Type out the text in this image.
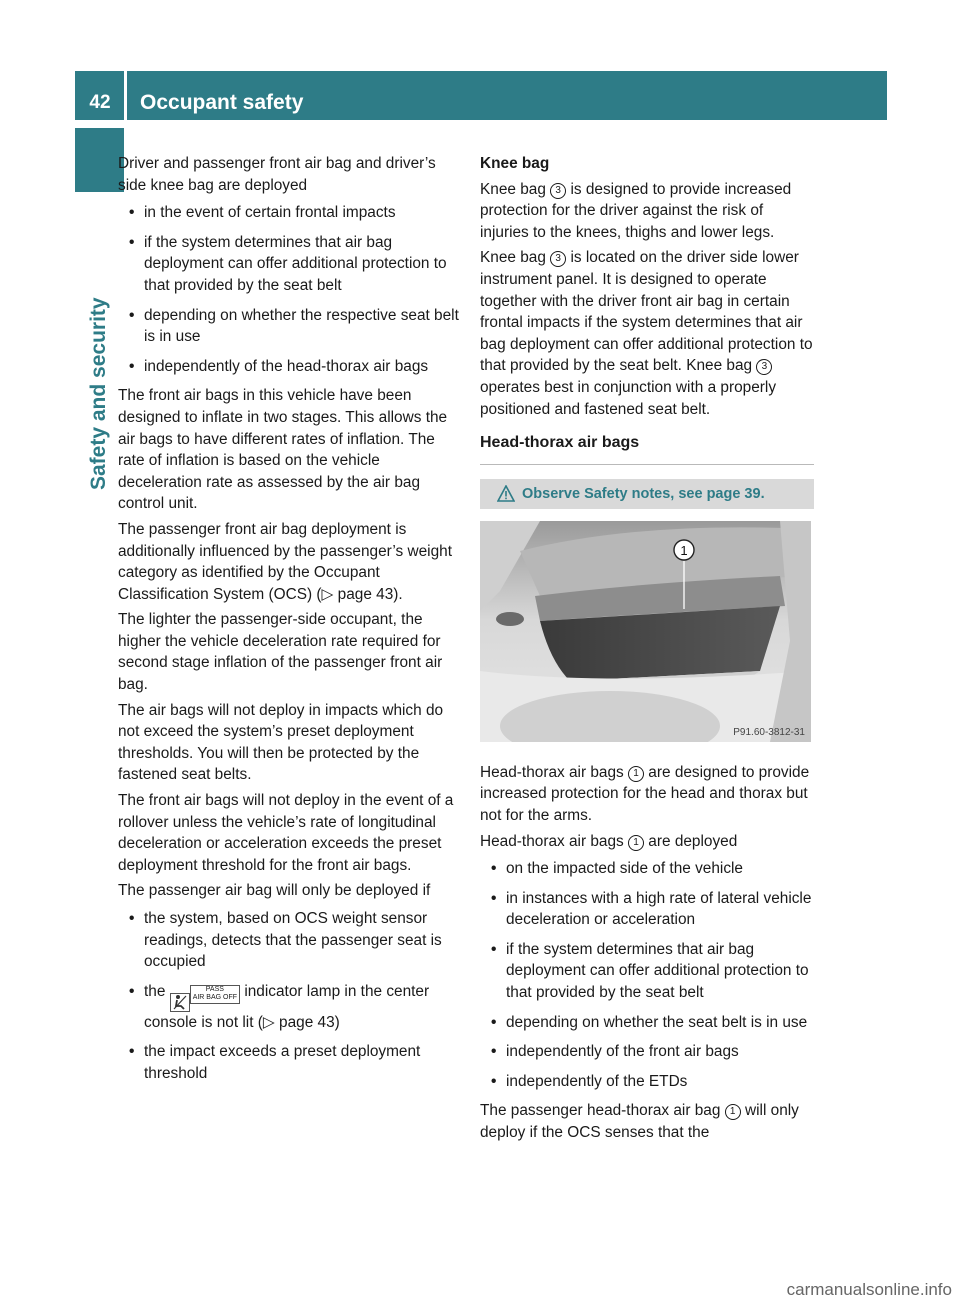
42	Occupant safety
Safety and security

Driver and passenger front air bag and driver’s side knee bag are deployed

• in the event of certain frontal impacts
• if the system determines that air bag deployment can offer additional protection to that provided by the seat belt
• depending on whether the respective seat belt is in use
• independently of the head-thorax air bags

The front air bags in this vehicle have been designed to inflate in two stages. This allows the air bags to have different rates of inflation. The rate of inflation is based on the vehicle deceleration rate as assessed by the air bag control unit.

The passenger front air bag deployment is additionally influenced by the passenger’s weight category as identified by the Occupant Classification System (OCS) (▷ page 43).

The lighter the passenger-side occupant, the higher the vehicle deceleration rate required for second stage inflation of the passenger front air bag.

The air bags will not deploy in impacts which do not exceed the system’s preset deployment thresholds. You will then be protected by the fastened seat belts.

The front air bags will not deploy in the event of a rollover unless the vehicle’s rate of longitudinal deceleration or acceleration exceeds the preset deployment threshold for the front air bags.

The passenger air bag will only be deployed if

• the system, based on OCS weight sensor readings, detects that the passenger seat is occupied
• the	PASS
AIR BAG OFF indicator lamp in the center console is not lit (▷ page 43)
• the impact exceeds a preset deployment threshold

Knee bag

Knee bag 3 is designed to provide increased protection for the driver against the risk of injuries to the knees, thighs and lower legs.

Knee bag 3 is located on the driver side lower instrument panel. It is designed to operate together with the driver front air bag in certain frontal impacts if the system determines that air bag deployment can offer additional protection to that provided by the seat belt. Knee bag 3 operates best in conjunction with a properly positioned and fastened seat belt.

Head-thorax air bags
Observe Safety notes, see page 39.
1
P91.60-3812-31

Head-thorax air bags 1 are designed to provide increased protection for the head and thorax but not for the arms.

Head-thorax air bags 1 are deployed

• on the impacted side of the vehicle
• in instances with a high rate of lateral vehicle deceleration or acceleration
• if the system determines that air bag deployment can offer additional protection to that provided by the seat belt
• depending on whether the seat belt is in use
• independently of the front air bags
• independently of the ETDs

The passenger head-thorax air bag 1 will only deploy if the OCS senses that the

carmanualsonline.info
